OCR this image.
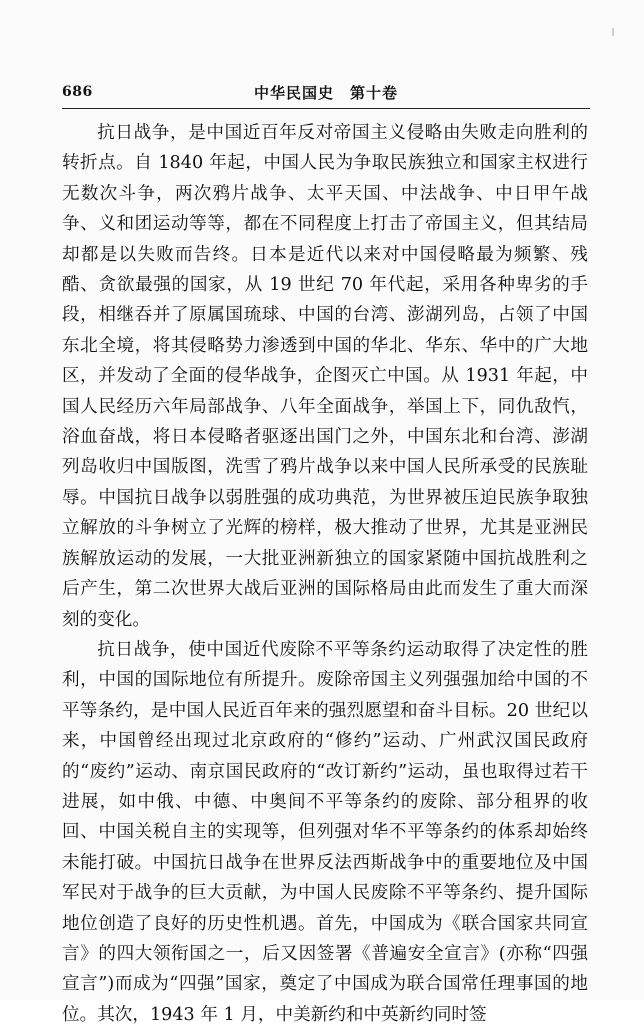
686	中华民国史　第十卷

抗日战争，是中国近百年反对帝国主义侵略由失败走向胜利的转折点。自 1840 年起，中国人民为争取民族独立和国家主权进行无数次斗争，两次鸦片战争、太平天国、中法战争、中日甲午战争、义和团运动等等，都在不同程度上打击了帝国主义，但其结局却都是以失败而告终。日本是近代以来对中国侵略最为频繁、残酷、贪欲最强的国家，从 19 世纪 70 年代起，采用各种卑劣的手段，相继吞并了原属国琉球、中国的台湾、澎湖列岛，占领了中国东北全境，将其侵略势力渗透到中国的华北、华东、华中的广大地区，并发动了全面的侵华战争，企图灭亡中国。从 1931 年起，中国人民经历六年局部战争、八年全面战争，举国上下，同仇敌忾，浴血奋战，将日本侵略者驱逐出国门之外，中国东北和台湾、澎湖列岛收归中国版图，洗雪了鸦片战争以来中国人民所承受的民族耻辱。中国抗日战争以弱胜强的成功典范，为世界被压迫民族争取独立解放的斗争树立了光辉的榜样，极大推动了世界，尤其是亚洲民族解放运动的发展，一大批亚洲新独立的国家紧随中国抗战胜利之后产生，第二次世界大战后亚洲的国际格局由此而发生了重大而深刻的变化。

抗日战争，使中国近代废除不平等条约运动取得了决定性的胜利，中国的国际地位有所提升。废除帝国主义列强强加给中国的不平等条约，是中国人民近百年来的强烈愿望和奋斗目标。20 世纪以来，中国曾经出现过北京政府的“修约”运动、广州武汉国民政府的“废约”运动、南京国民政府的“改订新约”运动，虽也取得过若干进展，如中俄、中德、中奥间不平等条约的废除、部分租界的收回、中国关税自主的实现等，但列强对华不平等条约的体系却始终未能打破。中国抗日战争在世界反法西斯战争中的重要地位及中国军民对于战争的巨大贡献，为中国人民废除不平等条约、提升国际地位创造了良好的历史性机遇。首先，中国成为《联合国家共同宣言》的四大领衔国之一，后又因签署《普遍安全宣言》(亦称“四强宣言”)而成为“四强”国家，奠定了中国成为联合国常任理事国的地位。其次，1943 年 1 月，中美新约和中英新约同时签
